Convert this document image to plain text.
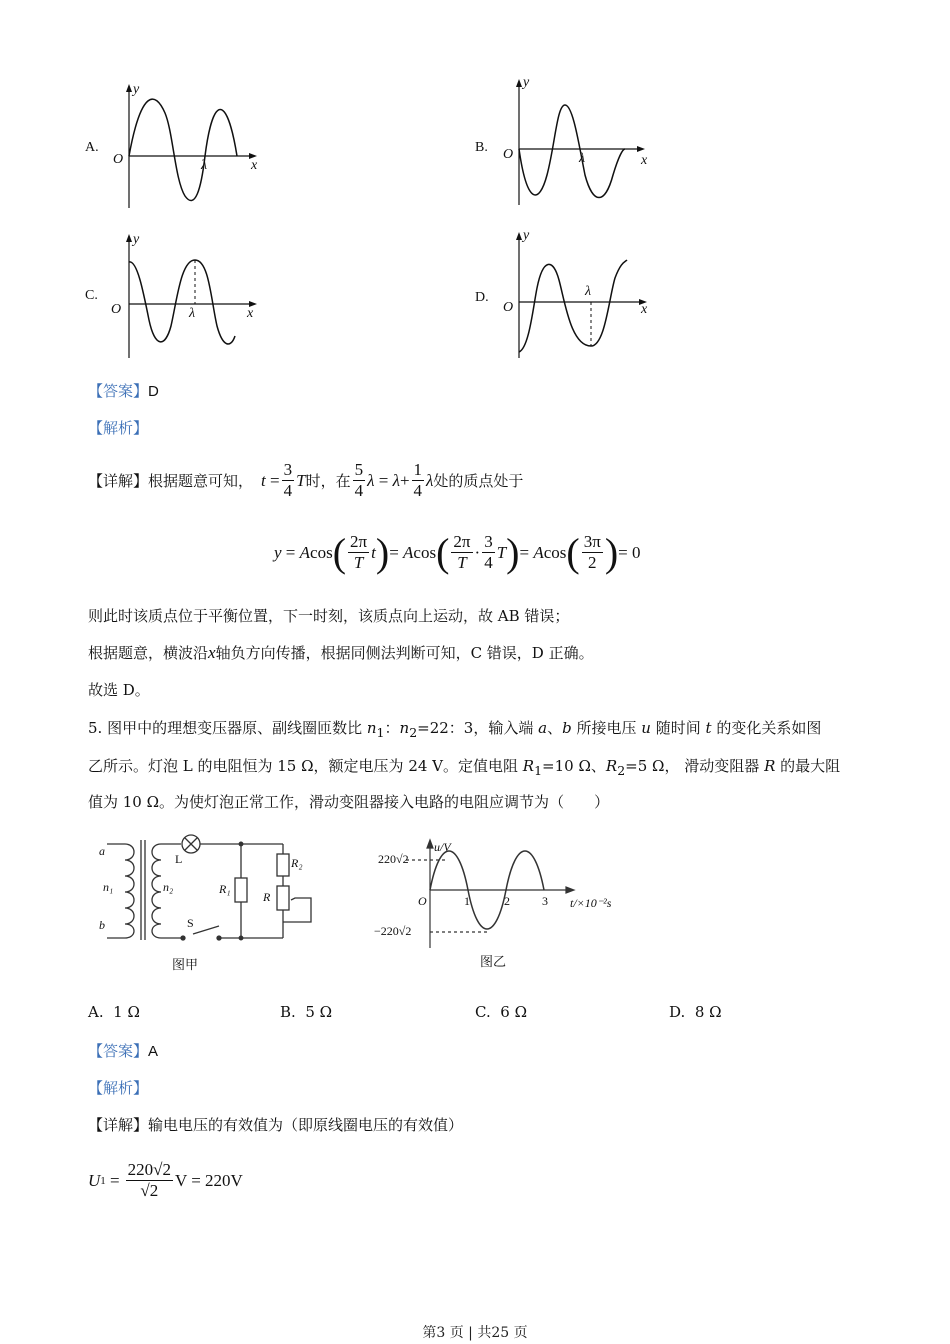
A.
y
O	λ	x
B.
y
O	λ	x
C.
y
O	λ	x
D.
y
O
λ
x
【答案】D
【解析】
【详解】 根据题意可知， $t = \frac{3}{4}$ T 时，在 $\frac{5}{4}$ $\lambda = \lambda+ \frac{1}{4}$ λ 处的质点处于
y
=
A cos ( $\frac{2\pi}{T}$ t ) =
A cos ( $\frac{2\pi}{T} \cdot \frac{3}{4}$ T ) =
A cos ( $\frac{3\pi}{2}$ ) = 0
则此时该质点位于平衡位置，下一时刻，该质点向上运动，故 AB 错误；
根据题意，横波沿x轴负方向传播，根据同侧法判断可知，C 错误，D 正确。
故选 D。
5. 图甲中的理想变压器原、副线圈匝数比 $n_1$：$n_2=22$：3，输入端 a、b 所接电压 u 随时间 t 的变化关系如图
乙所示。灯泡 L 的电阻恒为 15 Ω，额定电压为 24 V。定值电阻 $R_1=10$ Ω、$R_2=5$ Ω， 滑动变阻器 R 的最大阻
值为 10 Ω。为使灯泡正常工作，滑动变阻器接入电路的电阻应调节为（　　）
a
b
n₁	n₂
L
S
R₁
R₂
R
图甲
220√2
−220√2
u/V
t/×10⁻²s
O	1	2	3
图乙
A. 1 Ω	B. 5 Ω	C. 6 Ω	D. 8 Ω
【答案】A
【解析】
【详解】输电电压的有效值为（即原线圈电压的有效值）
U $1 = \frac{220√2}{√2}$ V = 220V
第3 页 | 共25 页
